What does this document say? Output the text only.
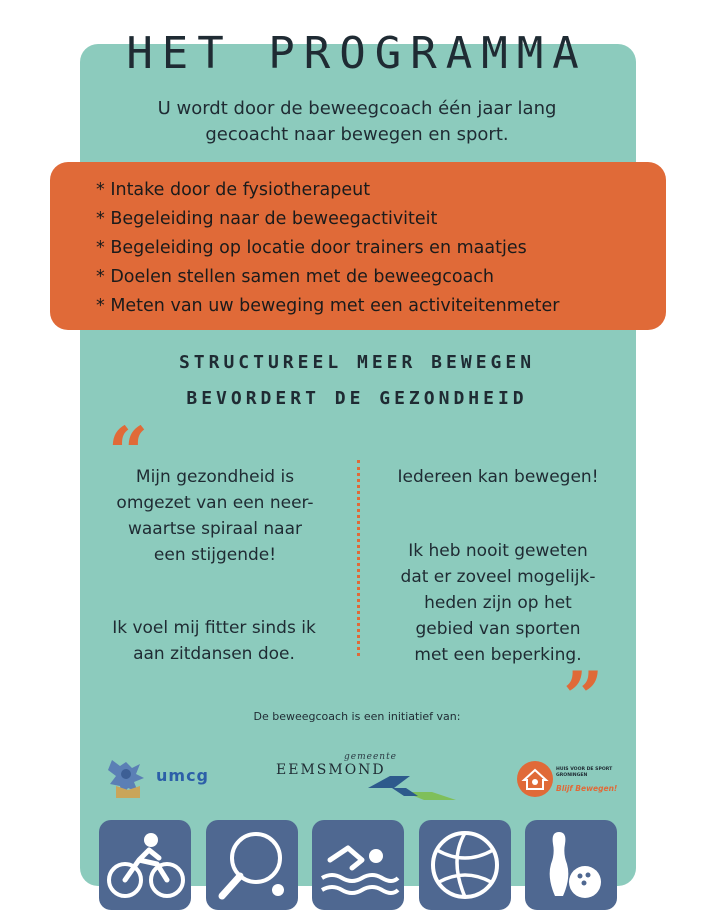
HET PROGRAMMA
U wordt door de beweegcoach één jaar lang
gecoacht naar bewegen en sport.
* Intake door de fysiotherapeut
* Begeleiding naar de beweegactiviteit
* Begeleiding op locatie door trainers en maatjes
* Doelen stellen samen met de beweegcoach
* Meten van uw beweging met een activiteitenmeter
STRUCTUREEL MEER BEWEGEN
BEVORDERT DE GEZONDHEID
“
”
Mijn gezondheid is
omgezet van een neer-
waartse spiraal naar
een stijgende!
Ik voel mij fitter sinds ik
aan zitdansen doe.
Iedereen kan bewegen!
Ik heb nooit geweten
dat er zoveel mogelijk-
heden zijn op het
gebied van sporten
met een beperking.
De beweegcoach is een initiatief van:
umcg
gemeente
EEMSMOND	HUIS VOOR DE SPORT
GRONINGEN
Blijf Bewegen!
